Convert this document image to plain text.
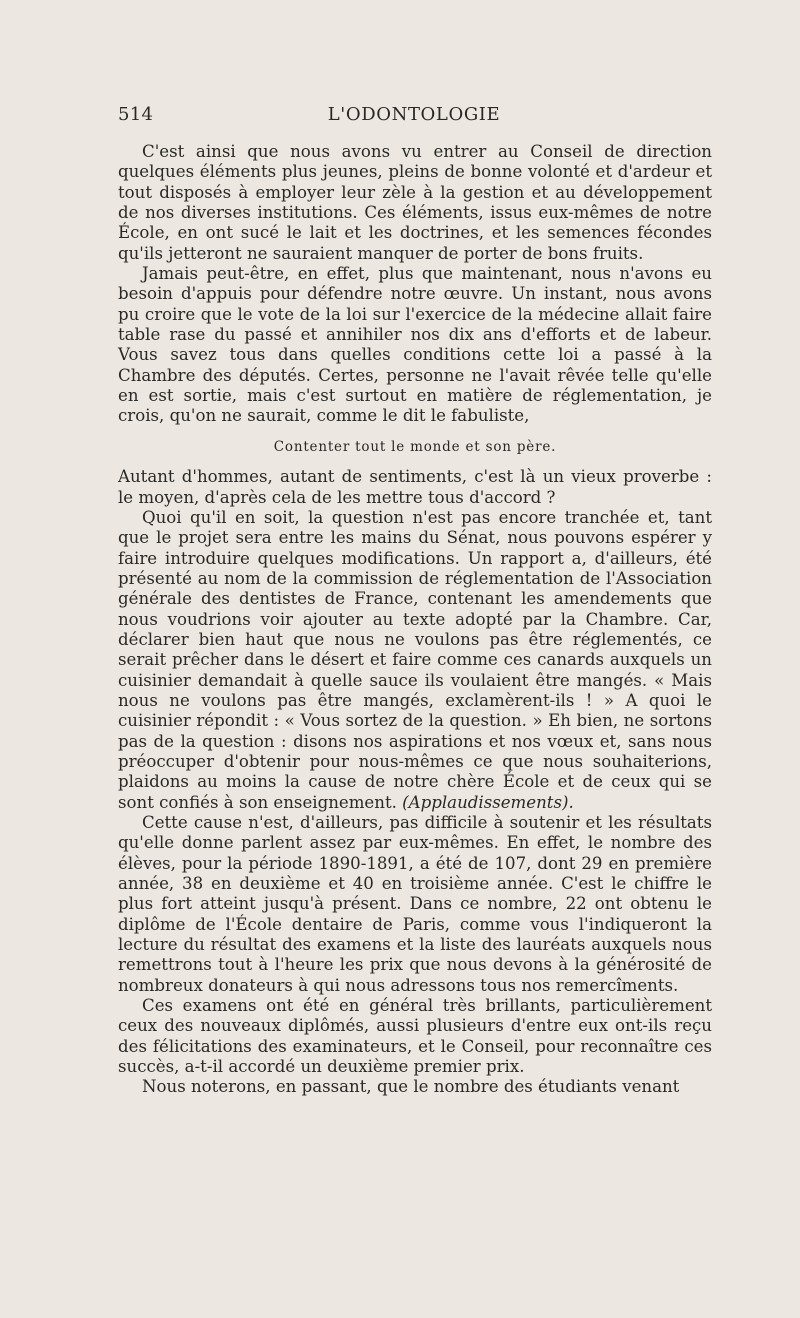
514	L'ODONTOLOGIE

C'est ainsi que nous avons vu entrer au Conseil de direction quelques éléments plus jeunes, pleins de bonne volonté et d'ardeur et tout disposés à employer leur zèle à la gestion et au développement de nos diverses institutions. Ces éléments, issus eux-mêmes de notre École, en ont sucé le lait et les doctrines, et les semences fécondes qu'ils jetteront ne sauraient manquer de porter de bons fruits.

Jamais peut-être, en effet, plus que maintenant, nous n'avons eu besoin d'appuis pour défendre notre œuvre. Un instant, nous avons pu croire que le vote de la loi sur l'exercice de la médecine allait faire table rase du passé et annihiler nos dix ans d'efforts et de labeur. Vous savez tous dans quelles conditions cette loi a passé à la Chambre des députés. Certes, personne ne l'avait rêvée telle qu'elle en est sortie, mais c'est surtout en matière de réglementation, je crois, qu'on ne saurait, comme le dit le fabuliste,

Contenter tout le monde et son père.

Autant d'hommes, autant de sentiments, c'est là un vieux proverbe : le moyen, d'après cela de les mettre tous d'accord ?

Quoi qu'il en soit, la question n'est pas encore tranchée et, tant que le projet sera entre les mains du Sénat, nous pouvons espérer y faire introduire quelques modifications. Un rapport a, d'ailleurs, été présenté au nom de la commission de réglementation de l'Association générale des dentistes de France, contenant les amendements que nous voudrions voir ajouter au texte adopté par la Chambre. Car, déclarer bien haut que nous ne voulons pas être réglementés, ce serait prêcher dans le désert et faire comme ces canards auxquels un cuisinier demandait à quelle sauce ils voulaient être mangés. « Mais nous ne voulons pas être mangés, exclamèrent-ils ! » A quoi le cuisinier répondit : « Vous sortez de la question. » Eh bien, ne sortons pas de la question : disons nos aspirations et nos vœux et, sans nous préoccuper d'obtenir pour nous-mêmes ce que nous souhaiterions, plaidons au moins la cause de notre chère École et de ceux qui se sont confiés à son enseignement. (Applaudissements).

Cette cause n'est, d'ailleurs, pas difficile à soutenir et les résultats qu'elle donne parlent assez par eux-mêmes. En effet, le nombre des élèves, pour la période 1890-1891, a été de 107, dont 29 en première année, 38 en deuxième et 40 en troisième année. C'est le chiffre le plus fort atteint jusqu'à présent. Dans ce nombre, 22 ont obtenu le diplôme de l'École dentaire de Paris, comme vous l'indiqueront la lecture du résultat des examens et la liste des lauréats auxquels nous remettrons tout à l'heure les prix que nous devons à la générosité de nombreux donateurs à qui nous adressons tous nos remercîments.

Ces examens ont été en général très brillants, particulièrement ceux des nouveaux diplômés, aussi plusieurs d'entre eux ont-ils reçu des félicitations des examinateurs, et le Conseil, pour reconnaître ces succès, a-t-il accordé un deuxième premier prix.

Nous noterons, en passant, que le nombre des étudiants venant
